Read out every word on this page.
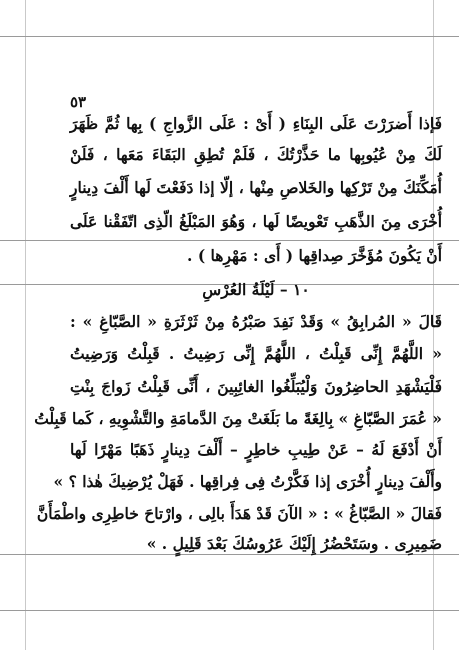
٥٣
فَإذا أَضرَرْتَ عَلَى البِنَاءِ ( أَىْ : عَلَى الزَّواجِ ) بِها ثُمَّ ظَهَرَ
لَكَ مِنْ عُيُوبِها ما حَذَّرْتُكَ ، فَلَمْ تُطِقِ البَقَاءَ مَعَها ، فَلَنْ
أُمَكِّنَكَ مِنْ تَرْكِها والخَلاصِ مِنْها ، إلّا إذا دَفَعْتَ لَها أَلْفَ دِينارٍ
أُخْرَى مِنَ الذَّهَبِ تَعْويضًا لَها ، وَهُوَ المَبْلَغُ الّذِى اتّفَقْنا عَلَى
أَنْ يَكُونَ مُؤَخَّرَ صِداقِها ( أَى : مَهْرِها ) .
١٠ – لَيْلَةُ العُرْسِ
قَالَ « المُرابِقُ » وَقَدْ نَفِدَ صَبْرُهُ مِنْ ثَرْثَرَةِ « الصَّبّاغِ » :
« اللَّهُمَّ إِنِّى قَبِلْتُ ، اللَّهُمَّ إِنِّى رَضِيتُ . قَبِلْتُ وَرَضِيتُ
فَلْيَشْهَدِ الحاضِرُونَ وَلْيُبَلِّغُوا الغائِبِينَ ، أَنِّى قَبِلْتُ زَواجَ بِنْتِ
« عُمَرَ الصَّبّاغِ » بِالِغَةً ما بَلَغَتْ مِنَ الدَّمامَةِ والتَّشْوِيهِ ، كَما قَبِلْتُ
أَنْ أَدْفَعَ لَهُ – عَنْ طِيبِ خاطِرٍ – أَلْفَ دِينارٍ ذَهَبًا مَهْرًا لَها
وأَلْفَ دِينارٍ أُخْرَى إذا فَكَّرْتُ فِى فِراقِها . فَهَلْ يُرْضِيكَ هٰذا ؟ »
فَقالَ « الصَّبّاغُ » : « الآنَ قَدْ هَدَأَ بالِى ، وارْتاحَ خاطِرِى واطْمَأَنَّ
ضَمِيرِى . وسَتَحْضُرُ إِلَيْكَ عَرُوسُكَ بَعْدَ قَلِيلٍ . »
